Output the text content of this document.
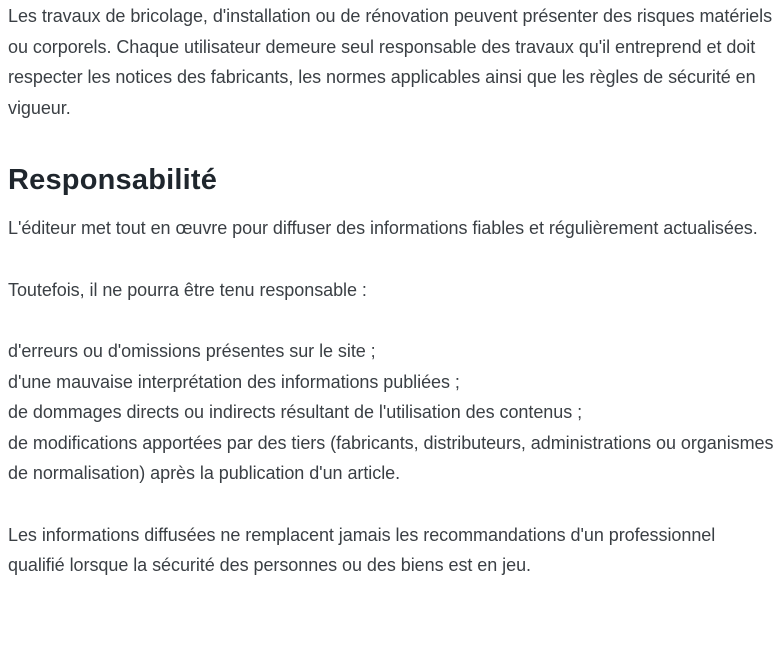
Les travaux de bricolage, d'installation ou de rénovation peuvent présenter des risques matériels ou corporels. Chaque utilisateur demeure seul responsable des travaux qu'il entreprend et doit respecter les notices des fabricants, les normes applicables ainsi que les règles de sécurité en vigueur.

Responsabilité

L'éditeur met tout en œuvre pour diffuser des informations fiables et régulièrement actualisées.

Toutefois, il ne pourra être tenu responsable :

d'erreurs ou d'omissions présentes sur le site ;

d'une mauvaise interprétation des informations publiées ;

de dommages directs ou indirects résultant de l'utilisation des contenus ;

de modifications apportées par des tiers (fabricants, distributeurs, administrations ou organismes de normalisation) après la publication d'un article.

Les informations diffusées ne remplacent jamais les recommandations d'un professionnel qualifié lorsque la sécurité des personnes ou des biens est en jeu.
